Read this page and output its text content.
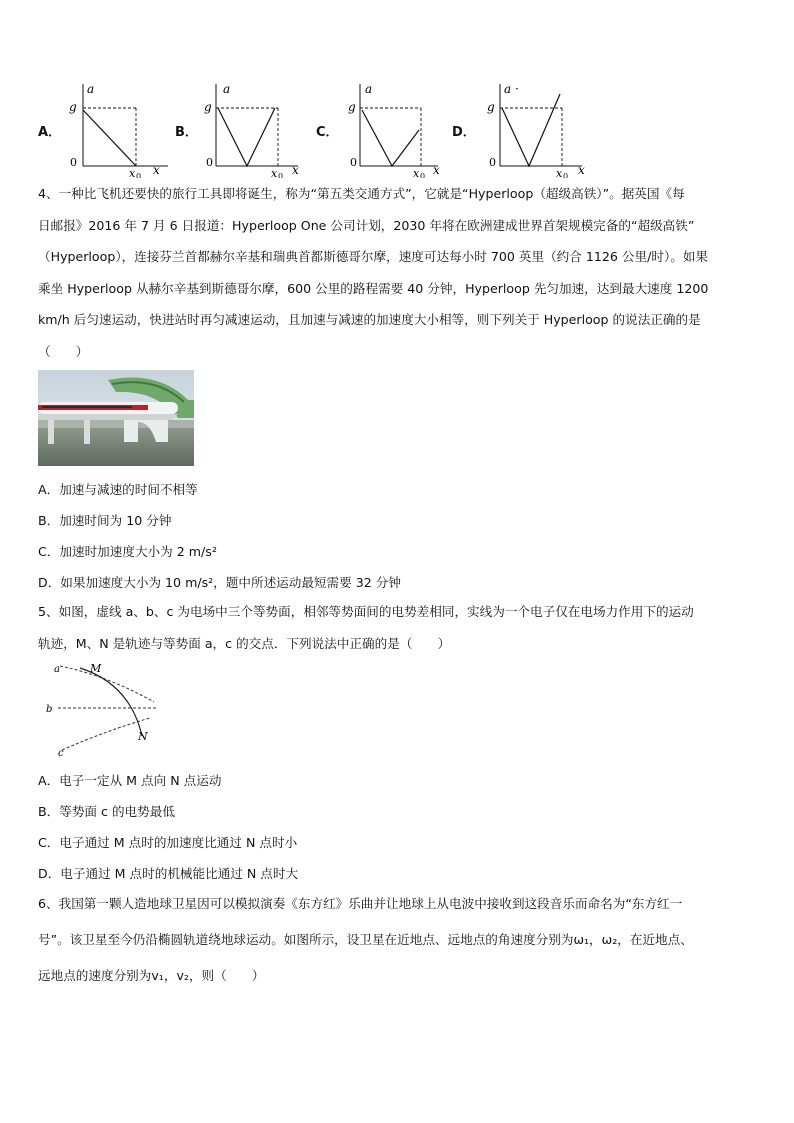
A．
a
g
0
x 0 x
B．
a
g
0
x 0 x
C．
a
g
0
x 0 x
D．
a ·
g
0
x 0 x

4、一种比飞机还要快的旅行工具即将诞生，称为“第五类交通方式”，它就是“Hyperloop（超级高铁）”。据英国《每

日邮报》2016 年 7 月 6 日报道：Hyperloop One 公司计划，2030 年将在欧洲建成世界首架规模完备的“超级高铁”

（Hyperloop），连接芬兰首都赫尔辛基和瑞典首都斯德哥尔摩，速度可达每小时 700 英里（约合 1126 公里/时）。如果

乘坐 Hyperloop 从赫尔辛基到斯德哥尔摩，600 公里的路程需要 40 分钟，Hyperloop 先匀加速，达到最大速度 1200

km/h 后匀速运动，快进站时再匀减速运动，且加速与减速的加速度大小相等，则下列关于 Hyperloop 的说法正确的是

（　　）

A．加速与减速的时间不相等
B．加速时间为 10 分钟
C．加速时加速度大小为 2 m/s²
D．如果加速度大小为 10 m/s²，题中所述运动最短需要 32 分钟

5、如图，虚线 a、b、c 为电场中三个等势面，相邻等势面间的电势差相同，实线为一个电子仅在电场力作用下的运动

轨迹，M、N 是轨迹与等势面 a，c 的交点．下列说法中正确的是（　　）

a
b
c
M
N
A．电子一定从 M 点向 N 点运动
B．等势面 c 的电势最低
C．电子通过 M 点时的加速度比通过 N 点时小
D．电子通过 M 点时的机械能比通过 N 点时大

6、我国第一颗人造地球卫星因可以模拟演奏《东方红》乐曲并让地球上从电波中接收到这段音乐而命名为“东方红一

号”。该卫星至今仍沿椭圆轨道绕地球运动。如图所示，设卫星在近地点、远地点的角速度分别为ω₁，ω₂，在近地点、

远地点的速度分别为v₁，v₂，则（　　）
